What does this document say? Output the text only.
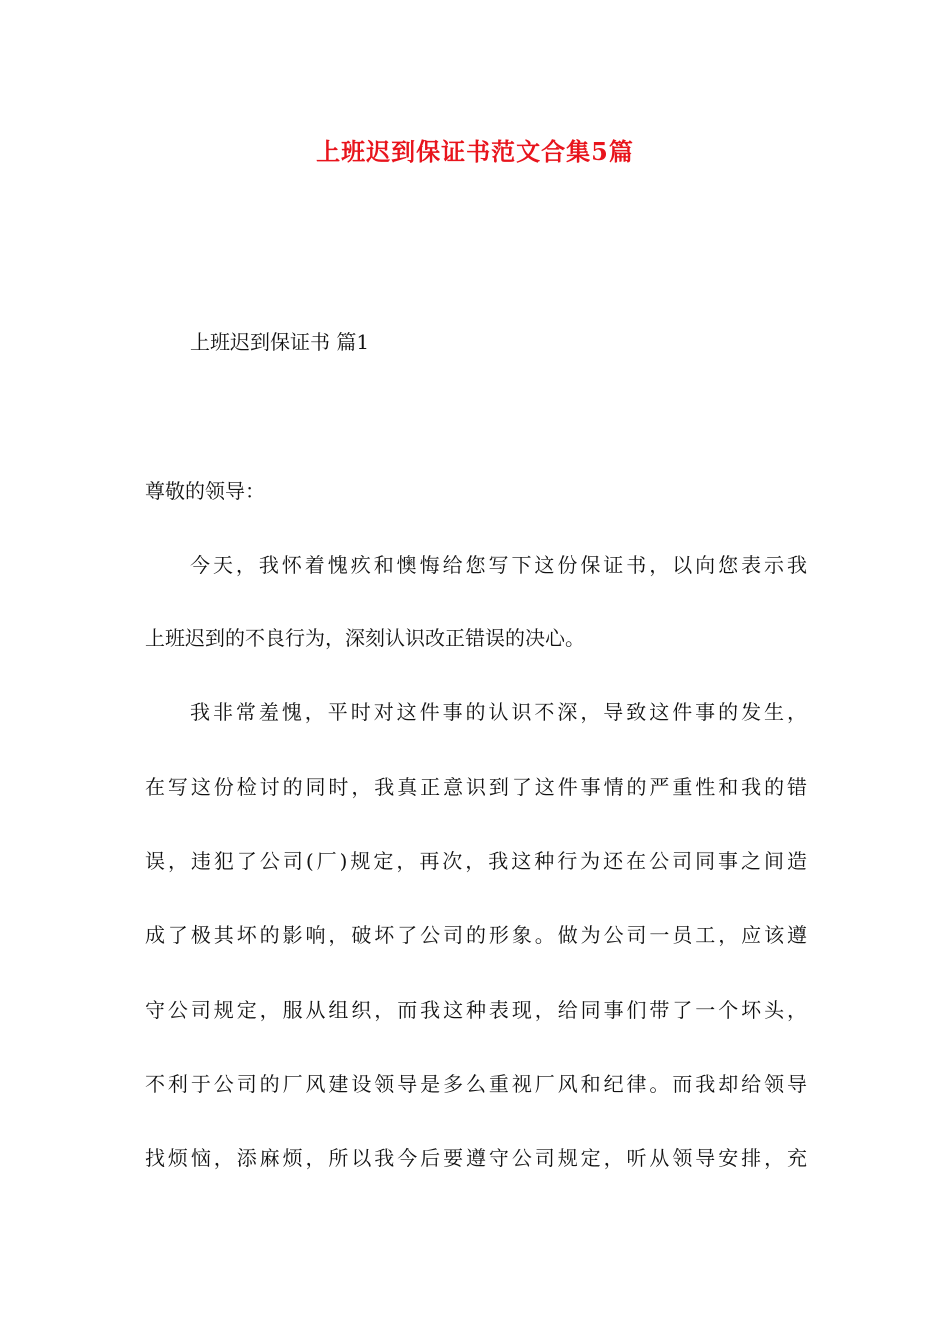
上班迟到保证书范文合集5篇
上班迟到保证书 篇1
尊敬的领导：
今天，我怀着愧疚和懊悔给您写下这份保证书，以向您表示我
上班迟到的不良行为，深刻认识改正错误的决心。
我非常羞愧，平时对这件事的认识不深，导致这件事的发生，
在写这份检讨的同时，我真正意识到了这件事情的严重性和我的错
误，违犯了公司(厂)规定，再次，我这种行为还在公司同事之间造
成了极其坏的影响，破坏了公司的形象。做为公司一员工，应该遵
守公司规定，服从组织，而我这种表现，给同事们带了一个坏头，
不利于公司的厂风建设领导是多么重视厂风和纪律。而我却给领导
找烦恼，添麻烦，所以我今后要遵守公司规定，听从领导安排，充
